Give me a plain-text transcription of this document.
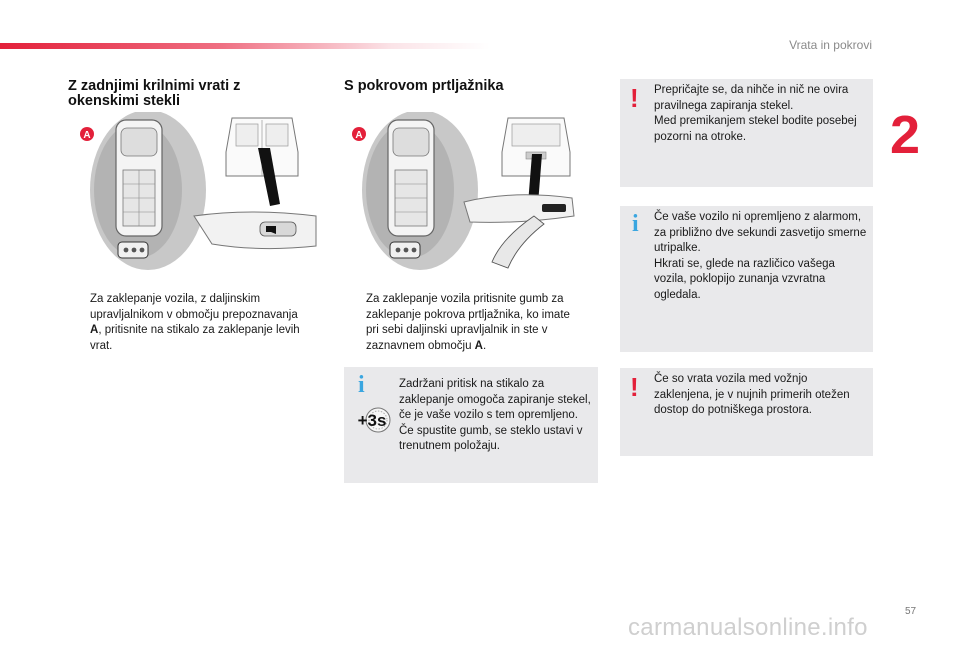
Vrata in pokrovi
2
Z zadnjimi krilnimi vrati z okenskimi stekli
A
Za zaklepanje vozila, z daljinskim upravljalnikom v območju prepoznavanja A, pritisnite na stikalo za zaklepanje levih vrat.
S pokrovom prtljažnika
A
Za zaklepanje vozila pritisnite gumb za zaklepanje pokrova prtljažnika, ko imate pri sebi daljinski upravljalnik in ste v zaznavnem območju A.
i
+3s
Zadržani pritisk na stikalo za zaklepanje omogoča zapiranje stekel, če je vaše vozilo s tem opremljeno. Če spustite gumb, se steklo ustavi v trenutnem položaju.
! Prepričajte se, da nihče in nič ne ovira pravilnega zapiranja stekel.
Med premikanjem stekel bodite posebej pozorni na otroke.
i Če vaše vozilo ni opremljeno z alarmom, za približno dve sekundi zasvetijo smerne utripalke.
Hkrati se, glede na različico vašega vozila, poklopijo zunanja vzvratna ogledala.
! Če so vrata vozila med vožnjo zaklenjena, je v nujnih primerih otežen dostop do potniškega prostora.
57
carmanualsonline.info
